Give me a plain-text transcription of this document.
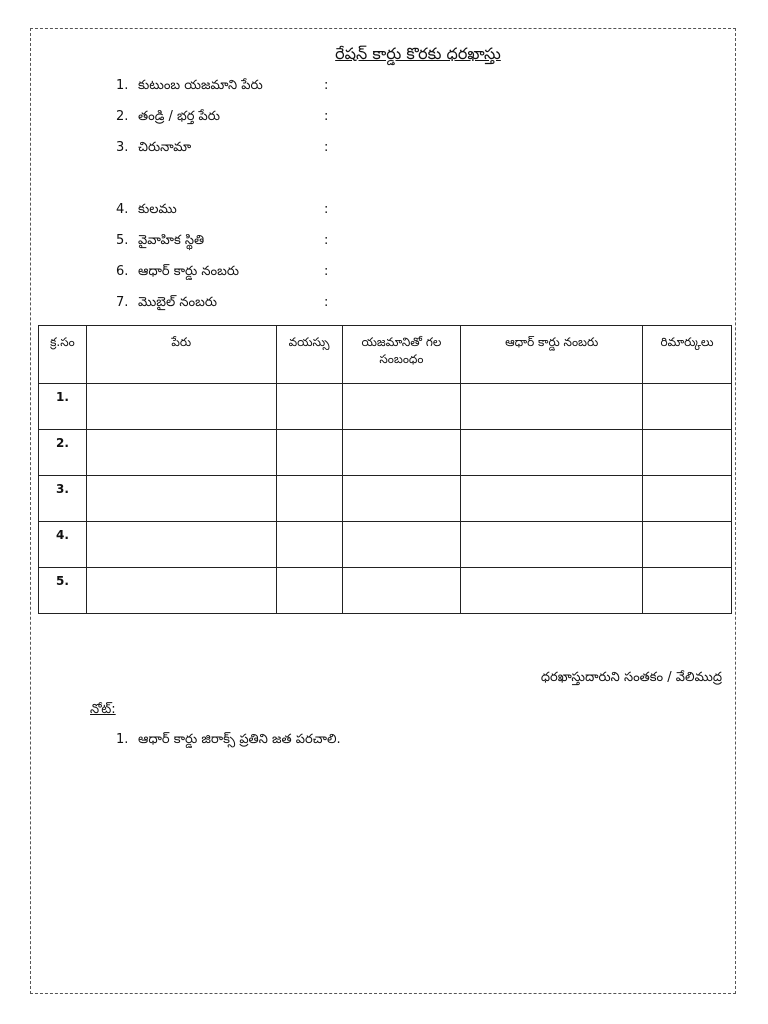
రేషన్ కార్డు కొరకు ధరఖాస్తు
1. కుటుంబ యజమాని పేరు	:
2. తండ్రి / భర్త పేరు	:
3. చిరునామా	:
4. కులము	:
5. వైవాహిక స్థితి	:
6. ఆధార్ కార్డు నంబరు	:
7. మొబైల్ నంబరు	:
క్ర.సం	పేరు	వయస్సు	యజమానితో గల సంబంధం	ఆధార్ కార్డు నంబరు	రిమార్కులు
1.					
2.					
3.					
4.					
5.					
ధరఖాస్తుదారుని సంతకం / వేలిముద్ర
నోట్:
1. ఆధార్ కార్డు జిరాక్స్ ప్రతిని జత పరచాలి.
